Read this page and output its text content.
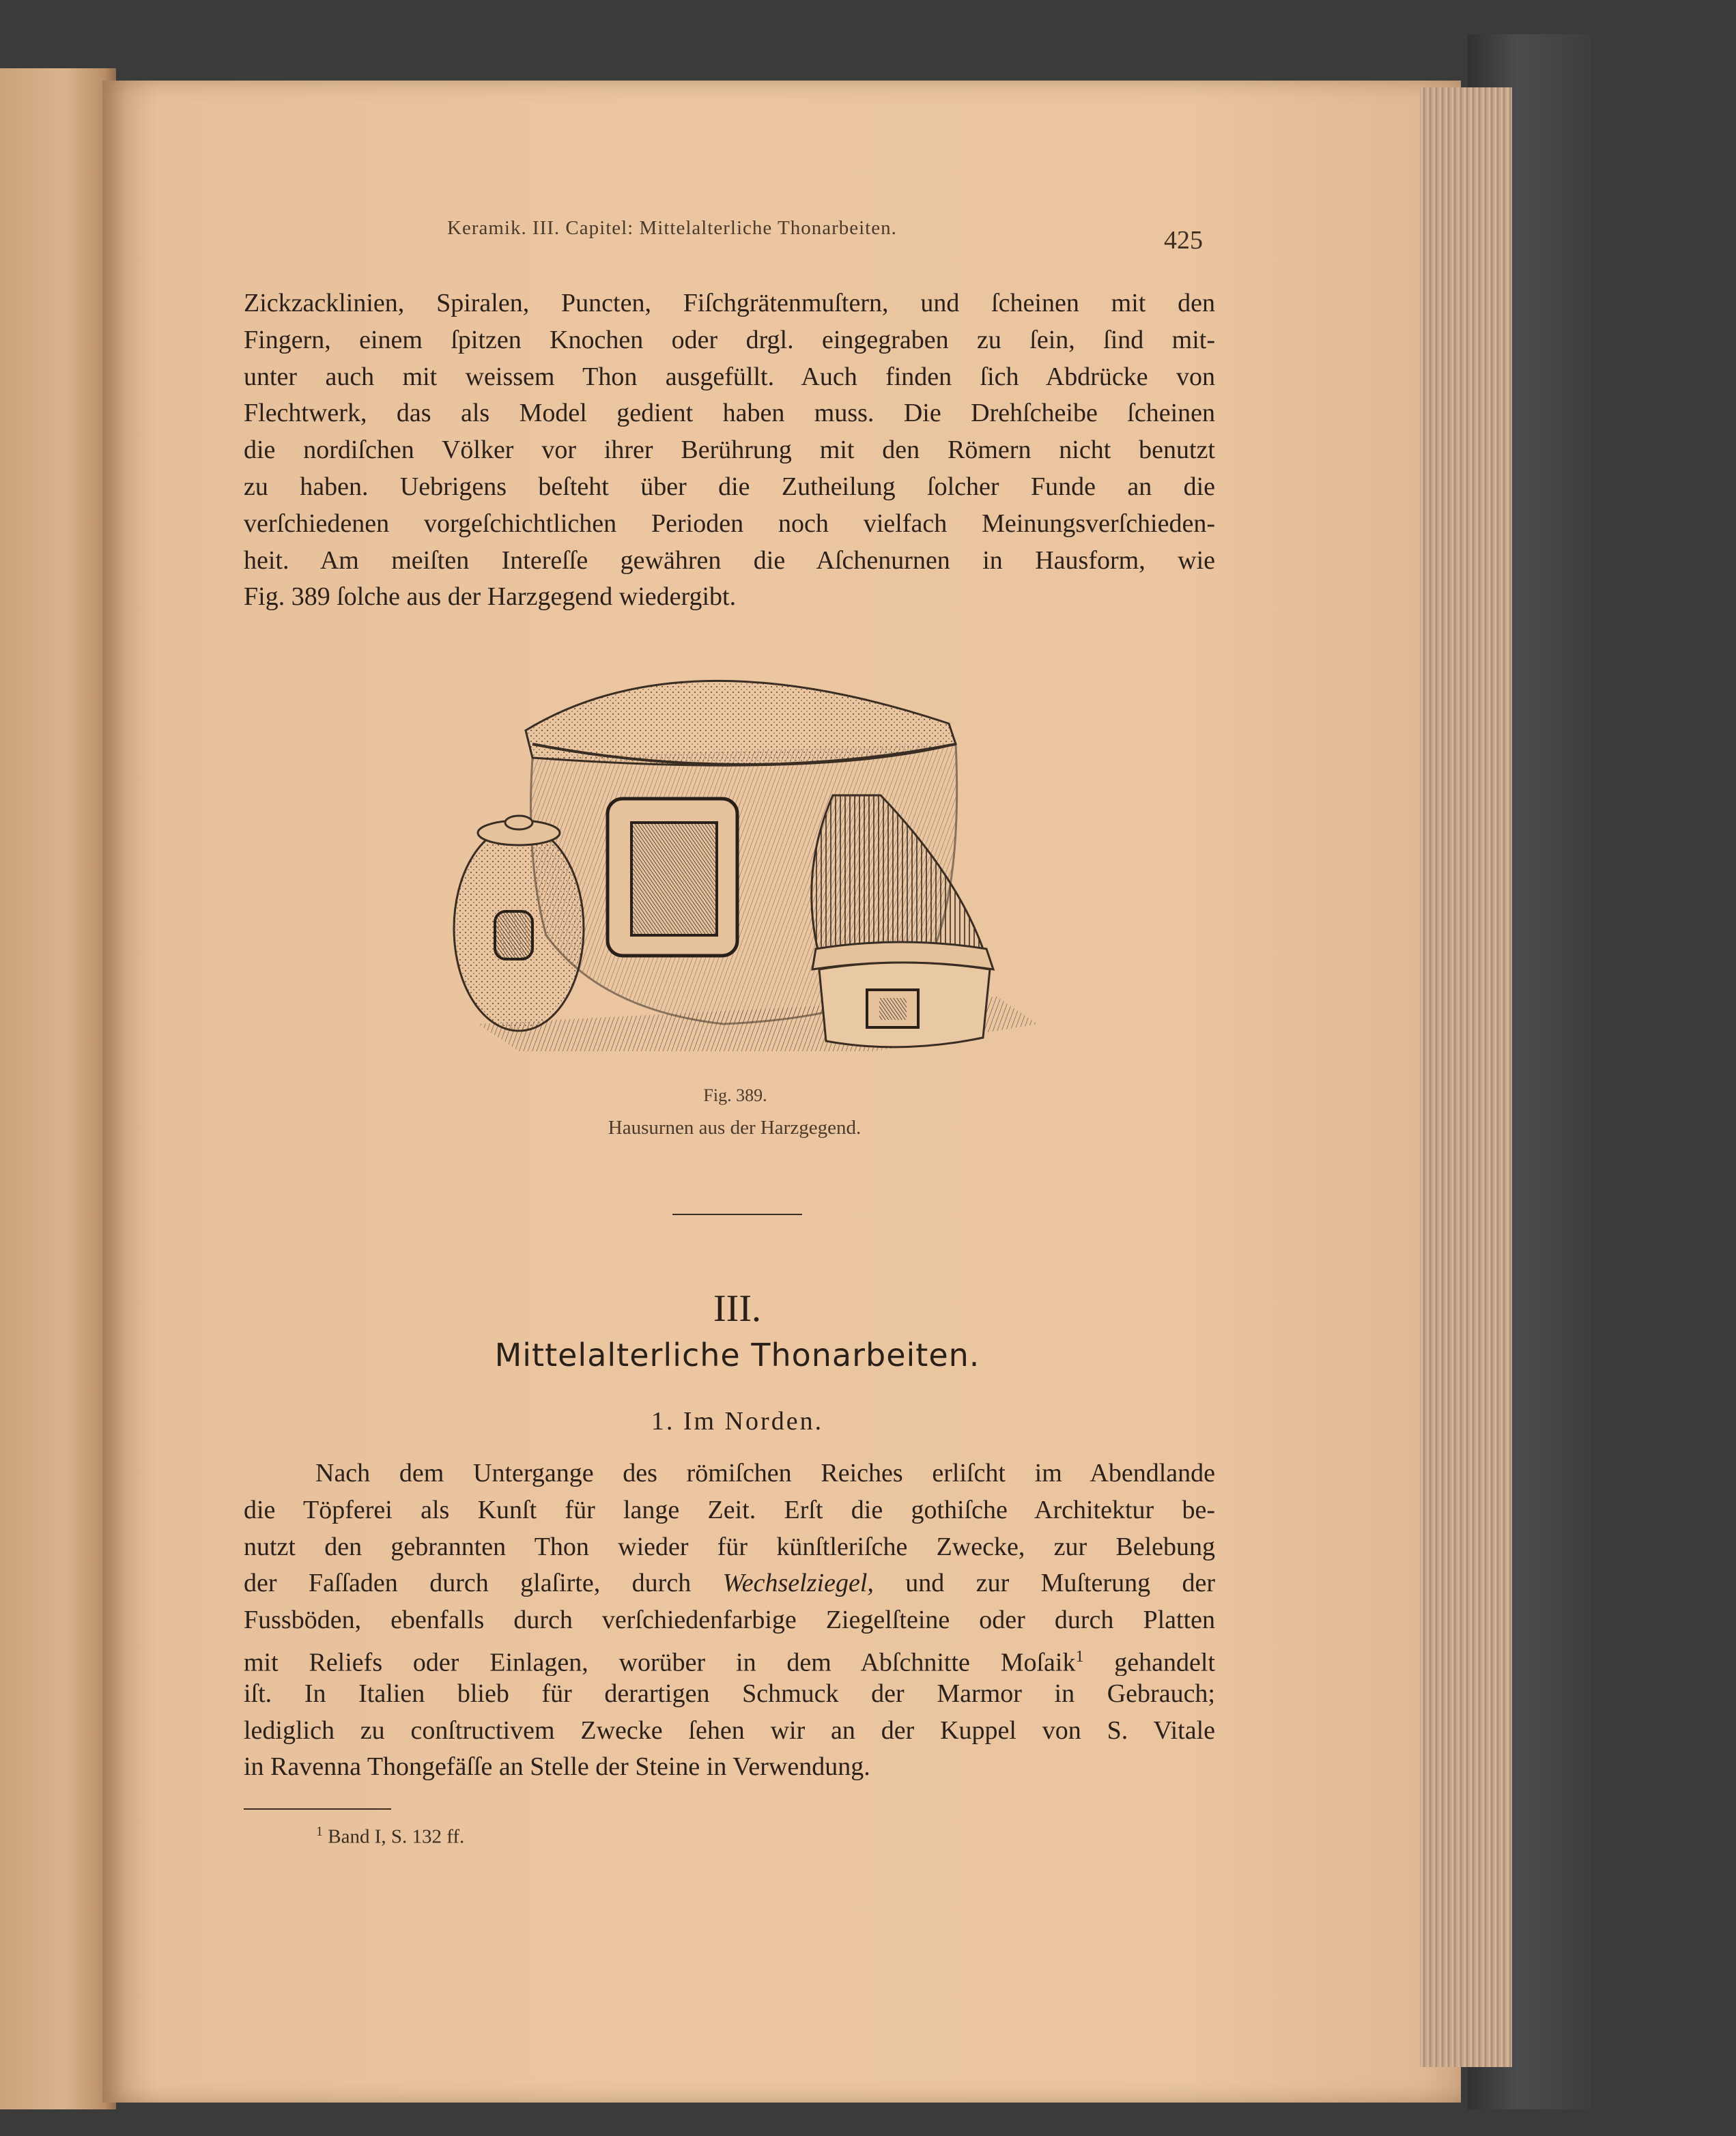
Keramik. III. Capitel: Mittelalterliche Thonarbeiten.	425
Zickzacklinien, Spiralen, Puncten, Fiſchgrätenmuſtern, und ſcheinen mit den
Fingern, einem ſpitzen Knochen oder drgl. eingegraben zu ſein, ſind mit-
unter auch mit weissem Thon ausgefüllt. Auch finden ſich Abdrücke von
Flechtwerk, das als Model gedient haben muss. Die Drehſcheibe ſcheinen
die nordiſchen Völker vor ihrer Berührung mit den Römern nicht benutzt
zu haben. Uebrigens beſteht über die Zutheilung ſolcher Funde an die
verſchiedenen vorgeſchichtlichen Perioden noch vielfach Meinungsverſchieden-
heit. Am meiſten Intereſſe gewähren die Aſchenurnen in Hausform, wie
Fig. 389 ſolche aus der Harzgegend wiedergibt.
Fig. 389.
Hausurnen aus der Harzgegend.
III.
Mittelalterliche Thonarbeiten.
1. Im Norden.
Nach dem Untergange des römiſchen Reiches erliſcht im Abendlande
die Töpferei als Kunſt für lange Zeit. Erſt die gothiſche Architektur be-
nutzt den gebrannten Thon wieder für künſtleriſche Zwecke, zur Belebung
der Faſſaden durch glaſirte, durch Wechselziegel, und zur Muſterung der
Fussböden, ebenfalls durch verſchiedenfarbige Ziegelſteine oder durch Platten
mit Reliefs oder Einlagen, worüber in dem Abſchnitte Moſaik$^1$ gehandelt
iſt. In Italien blieb für derartigen Schmuck der Marmor in Gebrauch;
lediglich zu conſtructivem Zwecke ſehen wir an der Kuppel von S. Vitale
in Ravenna Thongefäſſe an Stelle der Steine in Verwendung.
$^1$ Band I, S. 132 ff.
